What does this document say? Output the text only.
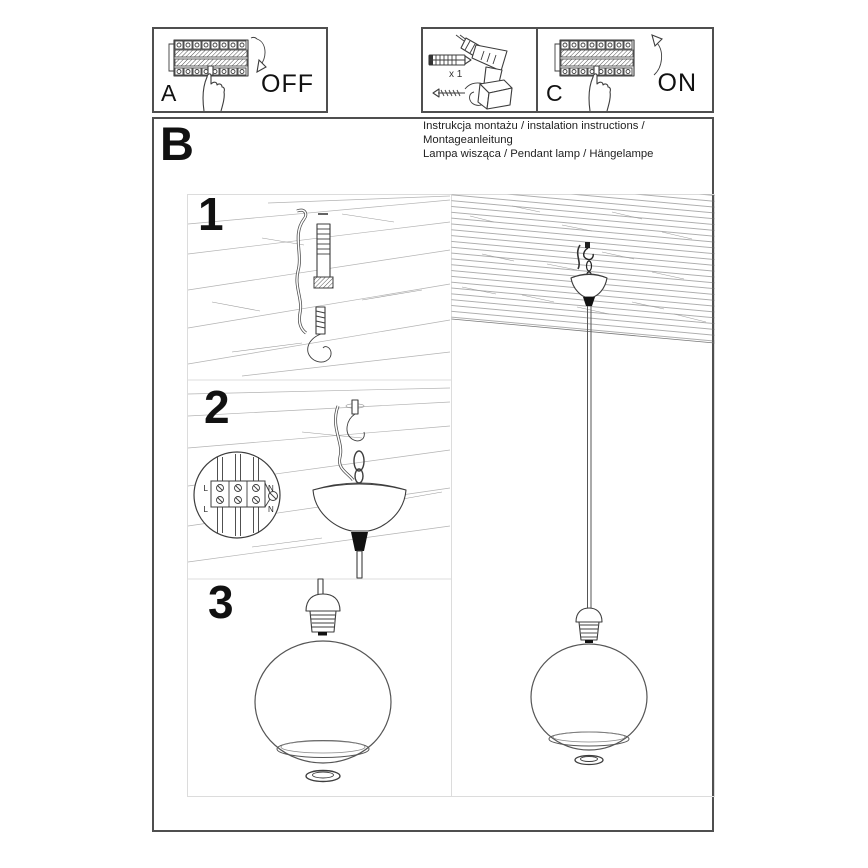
A	OFF	x 1
C	ON
B	Instrukcja montażu / instalation instructions / Montageanleitung
Lampa wisząca / Pendant lamp / Hängelampe
1
L	N
L	N
2
3
